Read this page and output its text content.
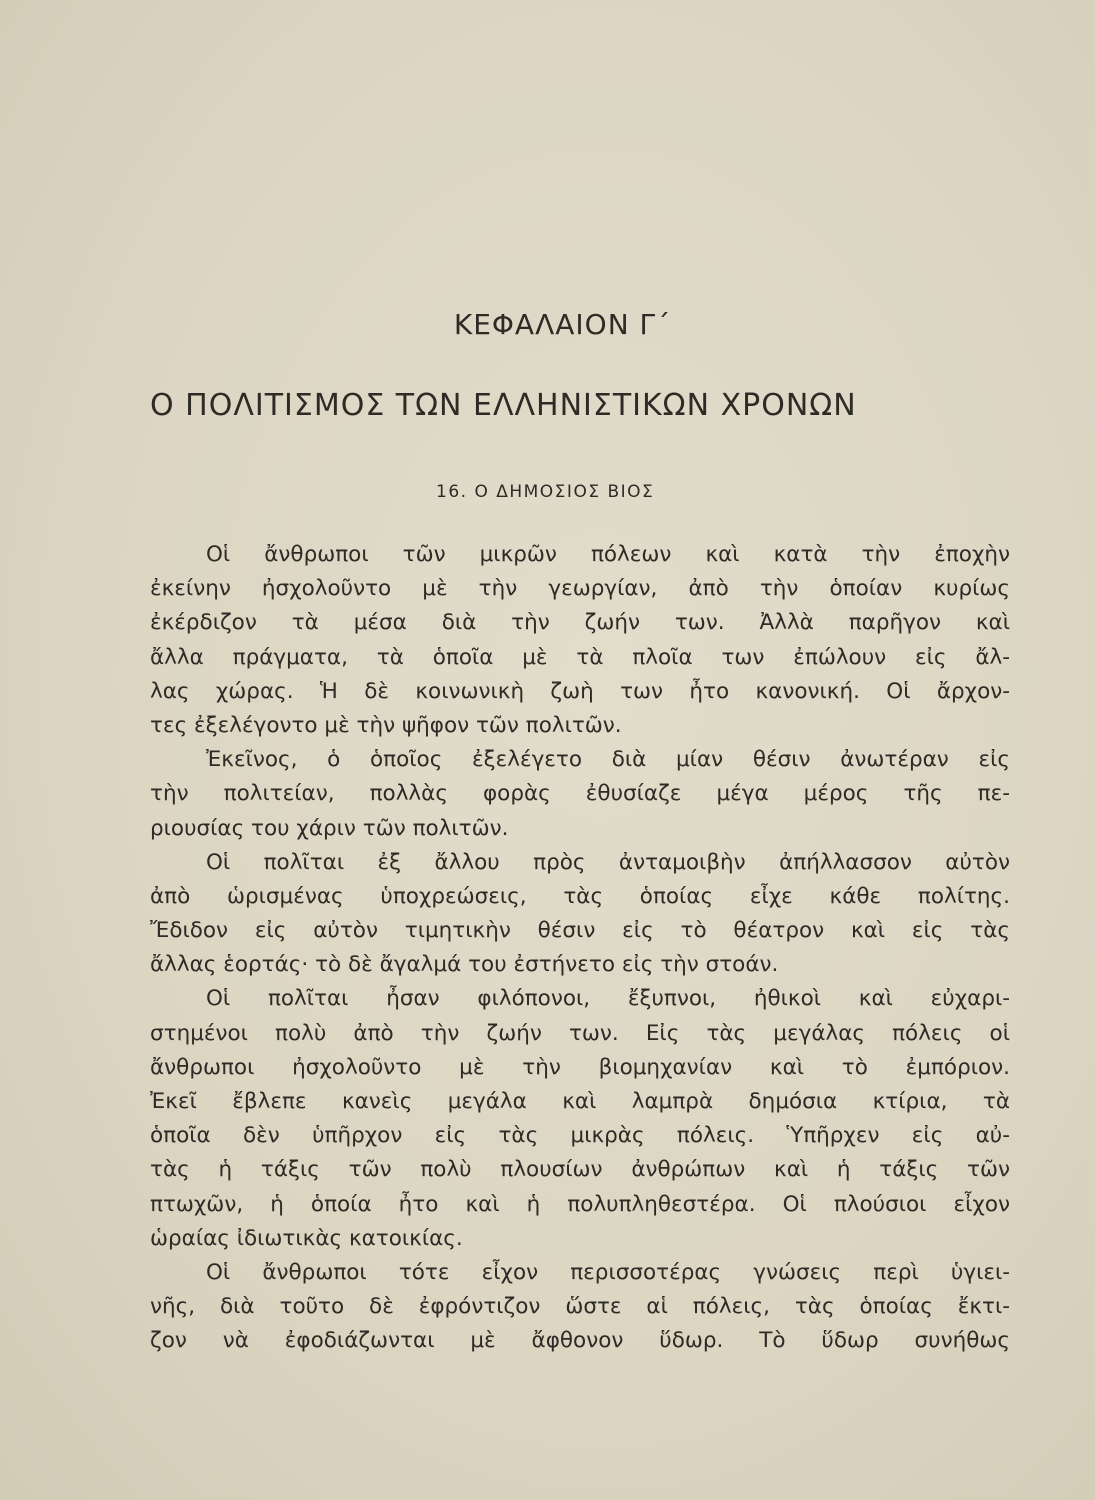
ΚΕΦΑΛΑΙΟΝ Γ΄
Ο ΠΟΛΙΤΙΣΜΟΣ ΤΩΝ ΕΛΛΗΝΙΣΤΙΚΩΝ ΧΡΟΝΩΝ
16. Ο ΔΗΜΟΣΙΟΣ ΒΙΟΣ
Οἱ ἄνθρωποι τῶν μικρῶν πόλεων καὶ κατὰ τὴν ἐποχὴν
ἐκείνην ἠσχολοῦντο μὲ τὴν γεωργίαν, ἀπὸ τὴν ὁποίαν κυρίως
ἐκέρδιζον τὰ μέσα διὰ τὴν ζωήν των. Ἀλλὰ παρῆγον καὶ
ἄλλα πράγματα, τὰ ὁποῖα μὲ τὰ πλοῖα των ἐπώλουν εἰς ἄλ-
λας χώρας. Ἡ δὲ κοινωνικὴ ζωὴ των ἦτο κανονική. Οἱ ἄρχον-
τες ἐξελέγοντο μὲ τὴν ψῆφον τῶν πολιτῶν.
Ἐκεῖνος, ὁ ὁποῖος ἐξελέγετο διὰ μίαν θέσιν ἀνωτέραν εἰς
τὴν πολιτείαν, πολλὰς φορὰς ἐθυσίαζε μέγα μέρος τῆς πε-
ριουσίας του χάριν τῶν πολιτῶν.
Οἱ πολῖται ἐξ ἄλλου πρὸς ἀνταμοιβὴν ἀπήλλασσον αὐτὸν
ἀπὸ ὡρισμένας ὑποχρεώσεις, τὰς ὁποίας εἶχε κάθε πολίτης.
Ἔδιδον εἰς αὐτὸν τιμητικὴν θέσιν εἰς τὸ θέατρον καὶ εἰς τὰς
ἄλλας ἑορτάς· τὸ δὲ ἄγαλμά του ἐστήνετο εἰς τὴν στοάν.
Οἱ πολῖται ἦσαν φιλόπονοι, ἔξυπνοι, ἠθικοὶ καὶ εὐχαρι-
στημένοι πολὺ ἀπὸ τὴν ζωήν των. Εἰς τὰς μεγάλας πόλεις οἱ
ἄνθρωποι ἠσχολοῦντο μὲ τὴν βιομηχανίαν καὶ τὸ ἐμπόριον.
Ἐκεῖ ἔβλεπε κανεὶς μεγάλα καὶ λαμπρὰ δημόσια κτίρια, τὰ
ὁποῖα δὲν ὑπῆρχον εἰς τὰς μικρὰς πόλεις. Ὑπῆρχεν εἰς αὐ-
τὰς ἡ τάξις τῶν πολὺ πλουσίων ἀνθρώπων καὶ ἡ τάξις τῶν
πτωχῶν, ἡ ὁποία ἦτο καὶ ἡ πολυπληθεστέρα. Οἱ πλούσιοι εἶχον
ὡραίας ἰδιωτικὰς κατοικίας.
Οἱ ἄνθρωποι τότε εἶχον περισσοτέρας γνώσεις περὶ ὑγιει-
νῆς, διὰ τοῦτο δὲ ἐφρόντιζον ὥστε αἱ πόλεις, τὰς ὁποίας ἔκτι-
ζον νὰ ἐφοδιάζωνται μὲ ἄφθονον ὕδωρ. Τὸ ὕδωρ συνήθως
